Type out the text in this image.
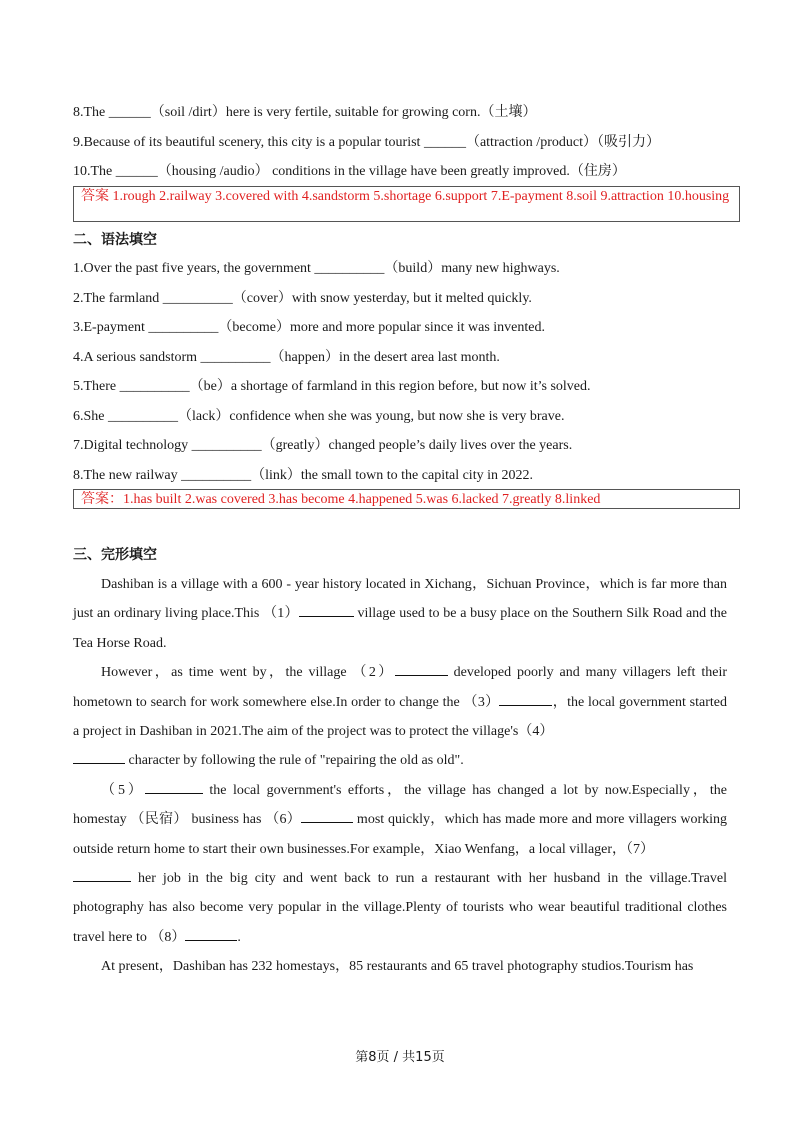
8.The ______（soil /dirt）here is very fertile, suitable for growing corn.（土壤）
9.Because of its beautiful scenery, this city is a popular tourist ______（attraction /product）（吸引力）
10.The ______（housing /audio） conditions in the village have been greatly improved.（住房）
答案 1.rough 2.railway 3.covered with 4.sandstorm 5.shortage 6.support 7.E-payment 8.soil 9.attraction 10.housing
二、语法填空
1.Over the past five years, the government __________（build）many new highways.
2.The farmland __________（cover）with snow yesterday, but it melted quickly.
3.E-payment __________（become）more and more popular since it was invented.
4.A serious sandstorm __________（happen）in the desert area last month.
5.There __________（be）a shortage of farmland in this region before, but now it’s solved.
6.She __________（lack）confidence when she was young, but now she is very brave.
7.Digital technology __________（greatly）changed people’s daily lives over the years.
8.The new railway __________（link）the small town to the capital city in 2022.
答案：1.has built 2.was covered 3.has become 4.happened 5.was 6.lacked 7.greatly 8.linked
三、完形填空

Dashiban is a village with a 600 - year history located in Xichang，Sichuan Province，which is far more than just an ordinary living place.This （1）	village used to be a busy place on the Southern Silk Road and the Tea Horse Road.

However，as time went by，the village （2）	developed poorly and many villagers left their hometown to search for work somewhere else.In order to change the （3）	，the local government started a project in Dashiban in 2021.The aim of the project was to protect the village's（4）
character by following the rule of "repairing the old as old".

（5）	the local government's efforts，the village has changed a lot by now.Especially，the homestay （民宿） business has （6）	most quickly，which has made more and more villagers working outside return home to start their own businesses.For example，Xiao Wenfang，a local villager，（7）
her job in the big city and went back to run a restaurant with her husband in the village.Travel photography has also become very popular in the village.Plenty of tourists who wear beautiful traditional clothes travel here to （8）	.

At present，Dashiban has 232 homestays，85 restaurants and 65 travel photography studios.Tourism has

第8页 / 共15页
